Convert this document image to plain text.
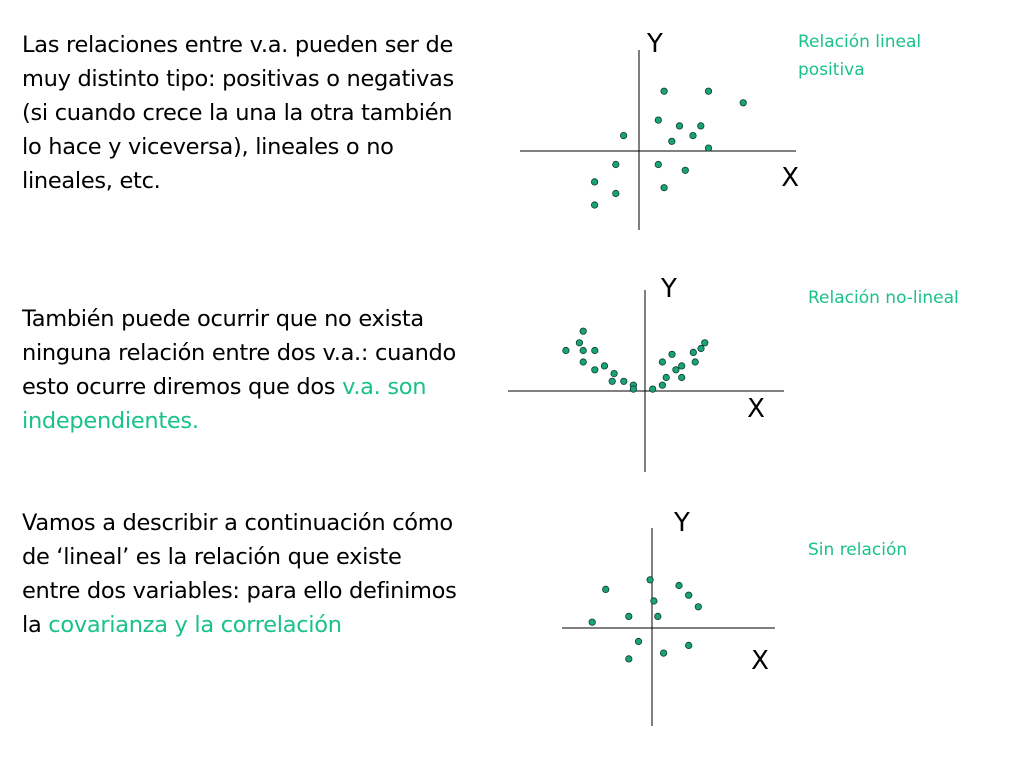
Las relaciones entre v.a. pueden ser de muy distinto tipo: positivas o negativas (si cuando crece la una la otra también lo hace y viceversa), lineales o no lineales, etc.
También puede ocurrir que no exista ninguna relación entre dos v.a.: cuando esto ocurre diremos que dos v.a. son independientes.
Vamos a describir a continuación cómo de ‘lineal’ es la relación que existe entre dos variables: para ello definimos la covarianza y la correlación
Y
X
Relación lineal positiva
Y
X
Relación no-lineal
Y
X
Sin relación
